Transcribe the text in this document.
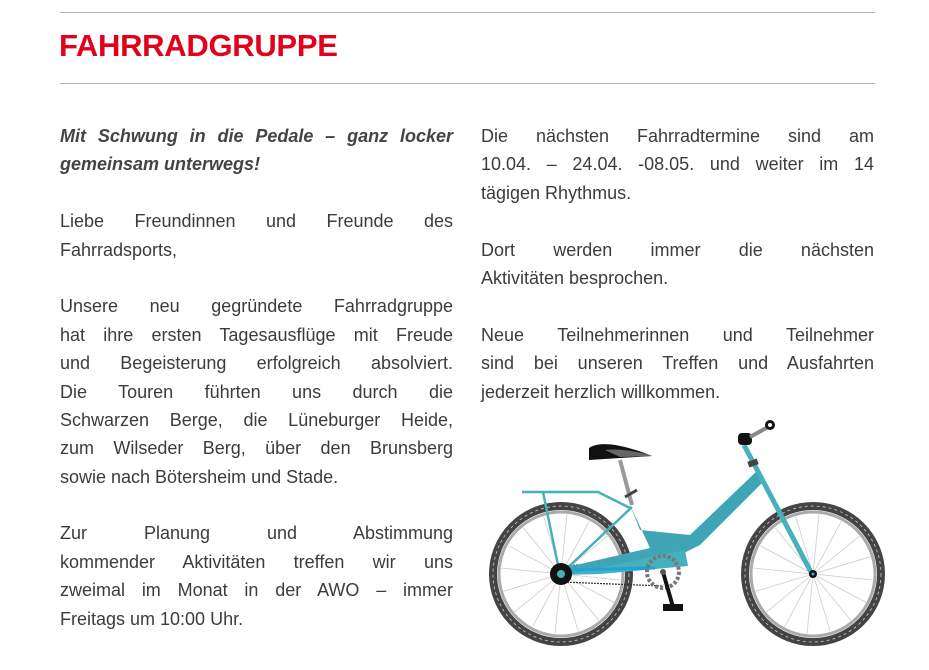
FAHRRADGRUPPE
Mit Schwung in die Pedale – ganz locker
gemeinsam unterwegs!
Liebe Freundinnen und Freunde des
Fahrradsports,
Unsere neu gegründete Fahrradgruppe
hat ihre ersten Tagesausflüge mit Freude
und Begeisterung erfolgreich absolviert.
Die Touren führten uns durch die
Schwarzen Berge, die Lüneburger Heide,
zum Wilseder Berg, über den Brunsberg
sowie nach Bötersheim und Stade.
Zur Planung und Abstimmung
kommender Aktivitäten treffen wir uns
zweimal im Monat in der AWO – immer
Freitags um 10:00 Uhr.
Die nächsten Fahrradtermine sind am
10.04. – 24.04. -08.05. und weiter im 14
tägigen Rhythmus.
Dort werden immer die nächsten
Aktivitäten besprochen.
Neue Teilnehmerinnen und Teilnehmer
sind bei unseren Treffen und Ausfahrten
jederzeit herzlich willkommen.
